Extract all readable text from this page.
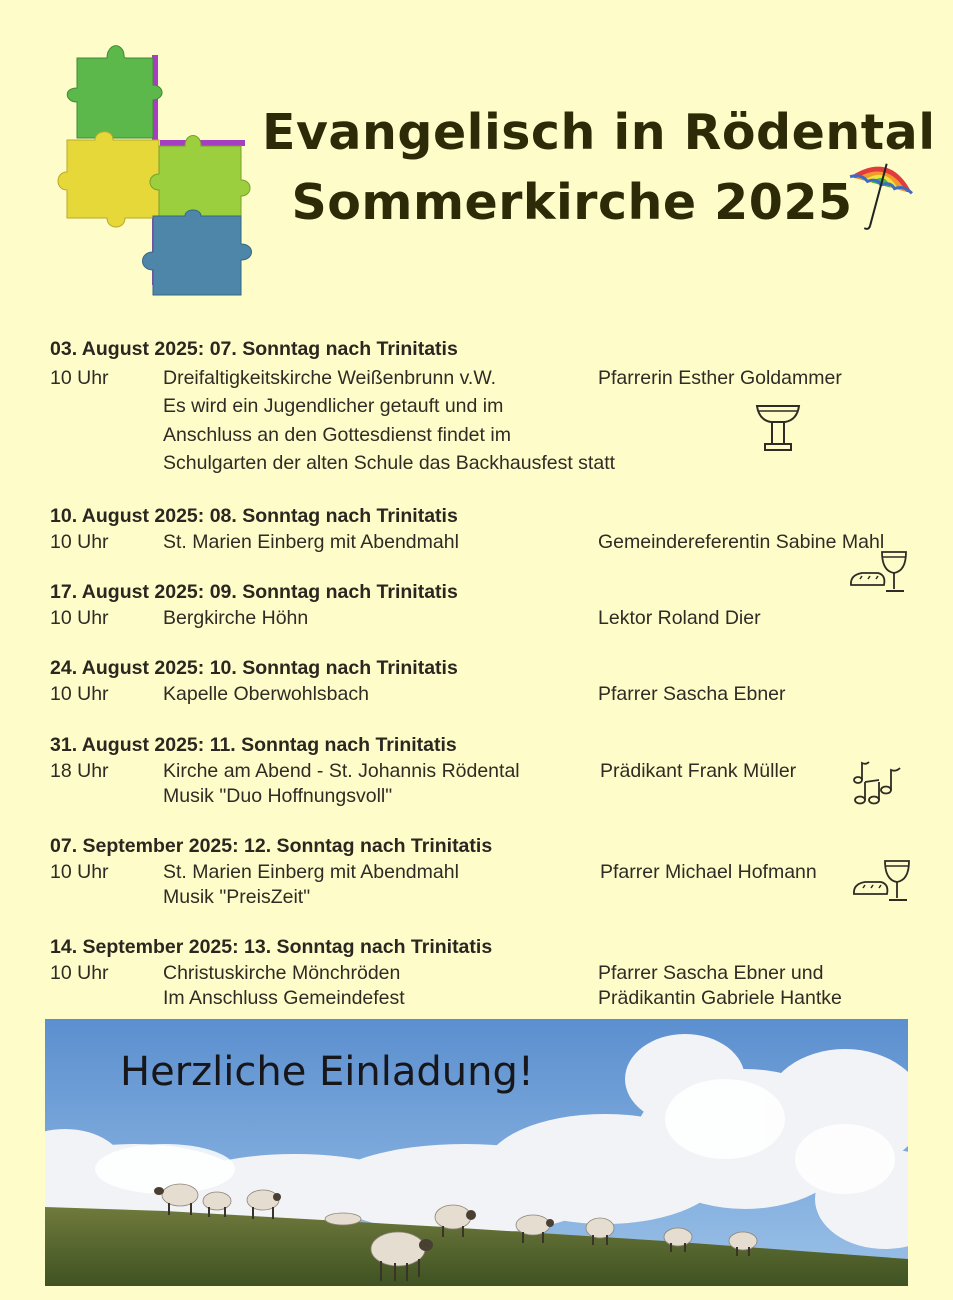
Evangelisch in Rödental
Sommerkirche 2025
03. August 2025: 07. Sonntag nach Trinitatis
10 Uhr	Dreifaltigkeitskirche Weißenbrunn v.W.	Pfarrerin Esther Goldammer
Es wird ein Jugendlicher getauft und im
Anschluss an den Gottesdienst findet im
Schulgarten der alten Schule das Backhausfest statt
10. August 2025: 08. Sonntag nach Trinitatis
10 Uhr	St. Marien Einberg mit Abendmahl	Gemeindereferentin Sabine Mahl
17. August 2025: 09. Sonntag nach Trinitatis
10 Uhr	Bergkirche Höhn	Lektor Roland Dier
24. August 2025: 10. Sonntag nach Trinitatis
10 Uhr	Kapelle Oberwohlsbach	Pfarrer Sascha Ebner
31. August 2025: 11. Sonntag nach Trinitatis
18 Uhr	Kirche am Abend - St. Johannis Rödental	Prädikant Frank Müller
Musik "Duo Hoffnungsvoll"
07. September 2025: 12. Sonntag nach Trinitatis
10 Uhr	St. Marien Einberg mit Abendmahl	Pfarrer Michael Hofmann
Musik "PreisZeit"
14. September 2025: 13. Sonntag nach Trinitatis
10 Uhr	Christuskirche Mönchröden	Pfarrer Sascha Ebner und
Im Anschluss Gemeindefest	Prädikantin Gabriele Hantke
Herzliche Einladung!
